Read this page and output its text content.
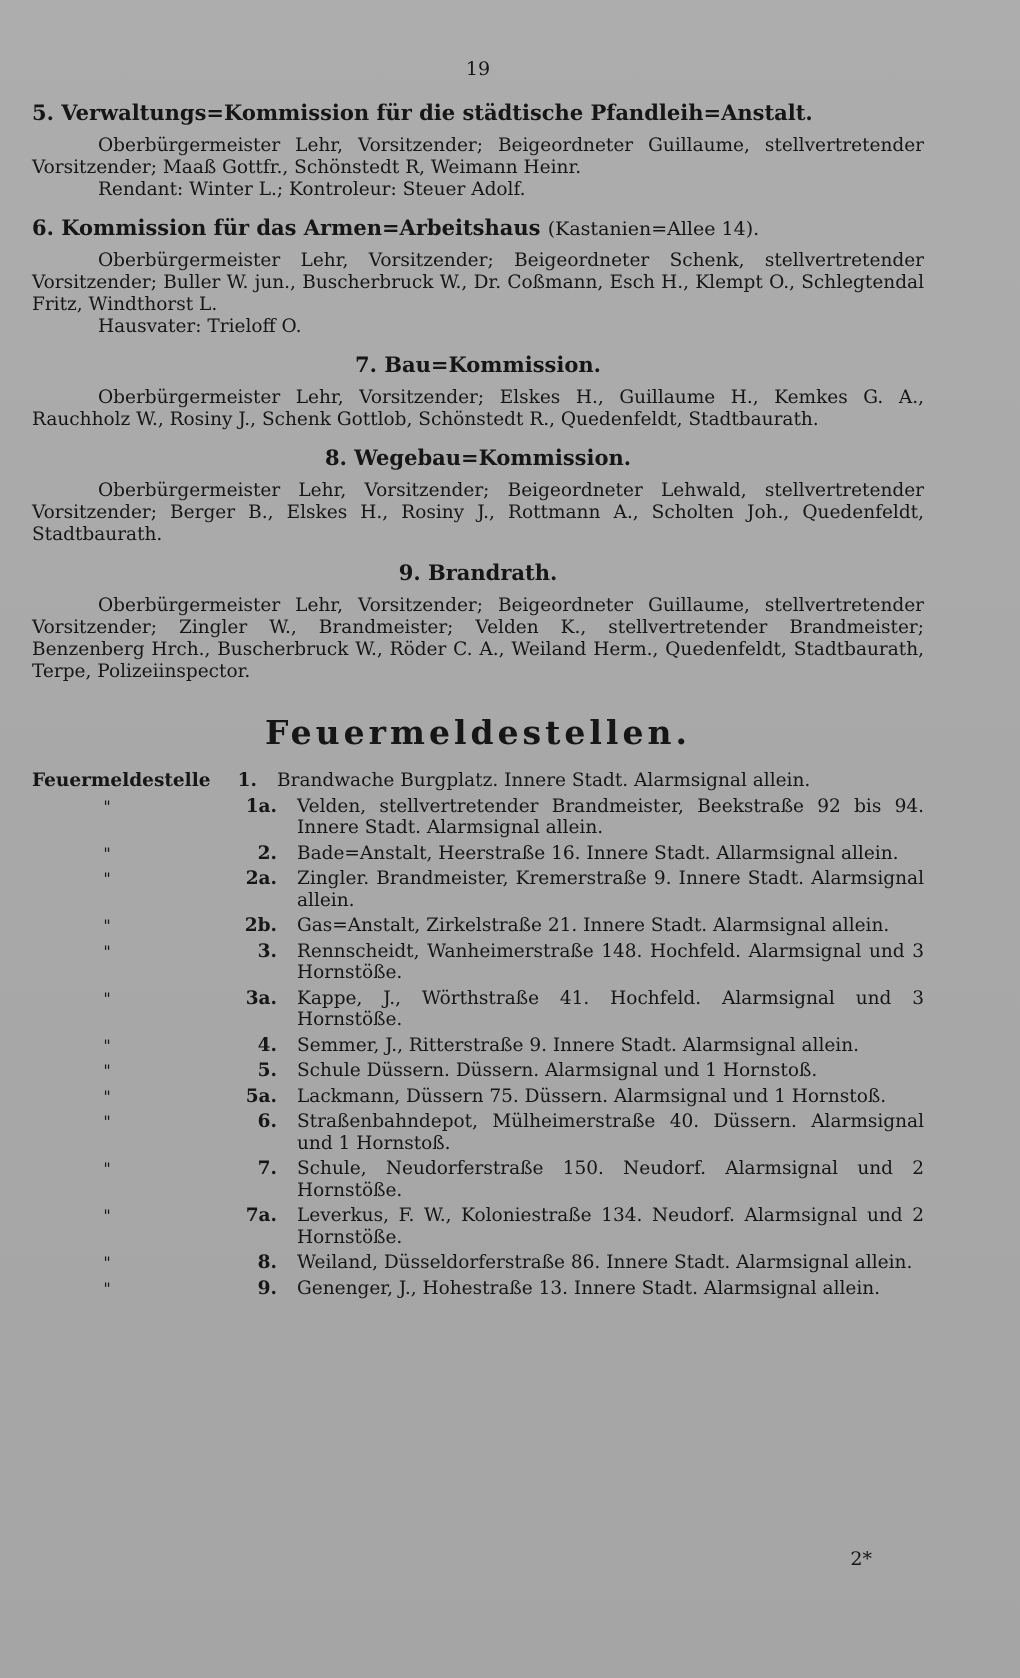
19
5. Verwaltungs=Kommission für die städtische Pfandleih=Anstalt.

Oberbürgermeister Lehr, Vorsitzender; Beigeordneter Guillaume, stellvertretender Vorsitzender; Maaß Gottfr., Schönstedt R, Weimann Heinr.

Rendant: Winter L.; Kontroleur: Steuer Adolf.

6. Kommission für das Armen=Arbeitshaus (Kastanien=Allee 14).

Oberbürgermeister Lehr, Vorsitzender; Beigeordneter Schenk, stellvertretender Vorsitzender; Buller W. jun., Buscherbruck W., Dr. Coßmann, Esch H., Klempt O., Schlegtendal Fritz, Windthorst L.

Hausvater: Trieloff O.

7. Bau=Kommission.

Oberbürgermeister Lehr, Vorsitzender; Elskes H., Guillaume H., Kemkes G. A., Rauchholz W., Rosiny J., Schenk Gottlob, Schönstedt R., Quedenfeldt, Stadtbaurath.

8. Wegebau=Kommission.

Oberbürgermeister Lehr, Vorsitzender; Beigeordneter Lehwald, stellvertretender Vorsitzender; Berger B., Elskes H., Rosiny J., Rottmann A., Scholten Joh., Quedenfeldt, Stadtbaurath.

9. Brandrath.

Oberbürgermeister Lehr, Vorsitzender; Beigeordneter Guillaume, stellvertretender Vorsitzender; Zingler W., Brandmeister; Velden K., stellvertretender Brandmeister; Benzenberg Hrch., Buscherbruck W., Röder C. A., Weiland Herm., Quedenfeldt, Stadtbaurath, Terpe, Polizeiinspector.

Feuermeldestellen.
Feuermeldestelle	1.	Brandwache Burgplatz. Innere Stadt. Alarmsignal allein.
"	1a.	Velden, stellvertretender Brandmeister, Beekstraße 92 bis 94. Innere Stadt. Alarmsignal allein.
"	2.	Bade=Anstalt, Heerstraße 16. Innere Stadt. Allarmsignal allein.
"	2a.	Zingler. Brandmeister, Kremerstraße 9. Innere Stadt. Alarmsignal allein.
"	2b.	Gas=Anstalt, Zirkelstraße 21. Innere Stadt. Alarmsignal allein.
"	3.	Rennscheidt, Wanheimerstraße 148. Hochfeld. Alarmsignal und 3 Hornstöße.
"	3a.	Kappe, J., Wörthstraße 41. Hochfeld. Alarmsignal und 3 Hornstöße.
"	4.	Semmer, J., Ritterstraße 9. Innere Stadt. Alarmsignal allein.
"	5.	Schule Düssern. Düssern. Alarmsignal und 1 Hornstoß.
"	5a.	Lackmann, Düssern 75. Düssern. Alarmsignal und 1 Hornstoß.
"	6.	Straßenbahndepot, Mülheimerstraße 40. Düssern. Alarmsignal und 1 Hornstoß.
"	7.	Schule, Neudorferstraße 150. Neudorf. Alarmsignal und 2 Hornstöße.
"	7a.	Leverkus, F. W., Koloniestraße 134. Neudorf. Alarmsignal und 2 Hornstöße.
"	8.	Weiland, Düsseldorferstraße 86. Innere Stadt. Alarmsignal allein.
"	9.	Genenger, J., Hohestraße 13. Innere Stadt. Alarmsignal allein.
2*
